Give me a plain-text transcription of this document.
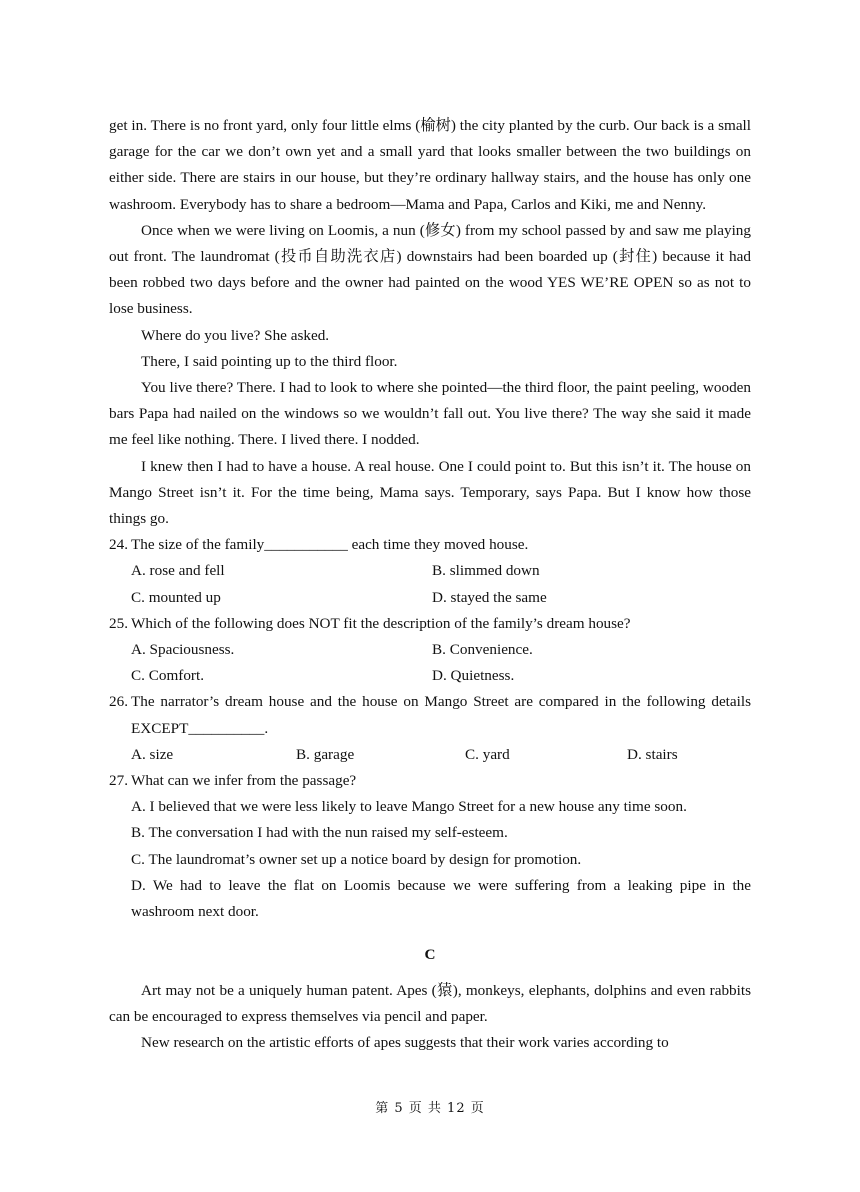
get in. There is no front yard, only four little elms (榆树) the city planted by the curb. Our back is a small garage for the car we don’t own yet and a small yard that looks smaller between the two buildings on either side. There are stairs in our house, but they’re ordinary hallway stairs, and the house has only one washroom. Everybody has to share a bedroom—Mama and Papa, Carlos and Kiki, me and Nenny.

Once when we were living on Loomis, a nun (修女) from my school passed by and saw me playing out front. The laundromat (投币自助洗衣店) downstairs had been boarded up (封住) because it had been robbed two days before and the owner had painted on the wood YES WE’RE OPEN so as not to lose business.

Where do you live? She asked.

There, I said pointing up to the third floor.

You live there? There. I had to look to where she pointed—the third floor, the paint peeling, wooden bars Papa had nailed on the windows so we wouldn’t fall out. You live there? The way she said it made me feel like nothing. There. I lived there. I nodded.

I knew then I had to have a house. A real house. One I could point to. But this isn’t it. The house on Mango Street isn’t it. For the time being, Mama says. Temporary, says Papa. But I know how those things go.

24. The size of the family___________ each time they moved house.
A. rose and fell	B. slimmed down
C. mounted up	D. stayed the same
25. Which of the following does NOT fit the description of the family’s dream house?
A. Spaciousness.	B. Convenience.
C. Comfort.	D. Quietness.
26. The narrator’s dream house and the house on Mango Street are compared in the following details EXCEPT__________.
A. size	B. garage	C. yard	D. stairs
27. What can we infer from the passage?
A. I believed that we were less likely to leave Mango Street for a new house any time soon.
B. The conversation I had with the nun raised my self-esteem.
C. The laundromat’s owner set up a notice board by design for promotion.
D. We had to leave the flat on Loomis because we were suffering from a leaking pipe in the washroom next door.
C

Art may not be a uniquely human patent. Apes (猿), monkeys, elephants, dolphins and even rabbits can be encouraged to express themselves via pencil and paper.

New research on the artistic efforts of apes suggests that their work varies according to

第 5 页 共 12 页
